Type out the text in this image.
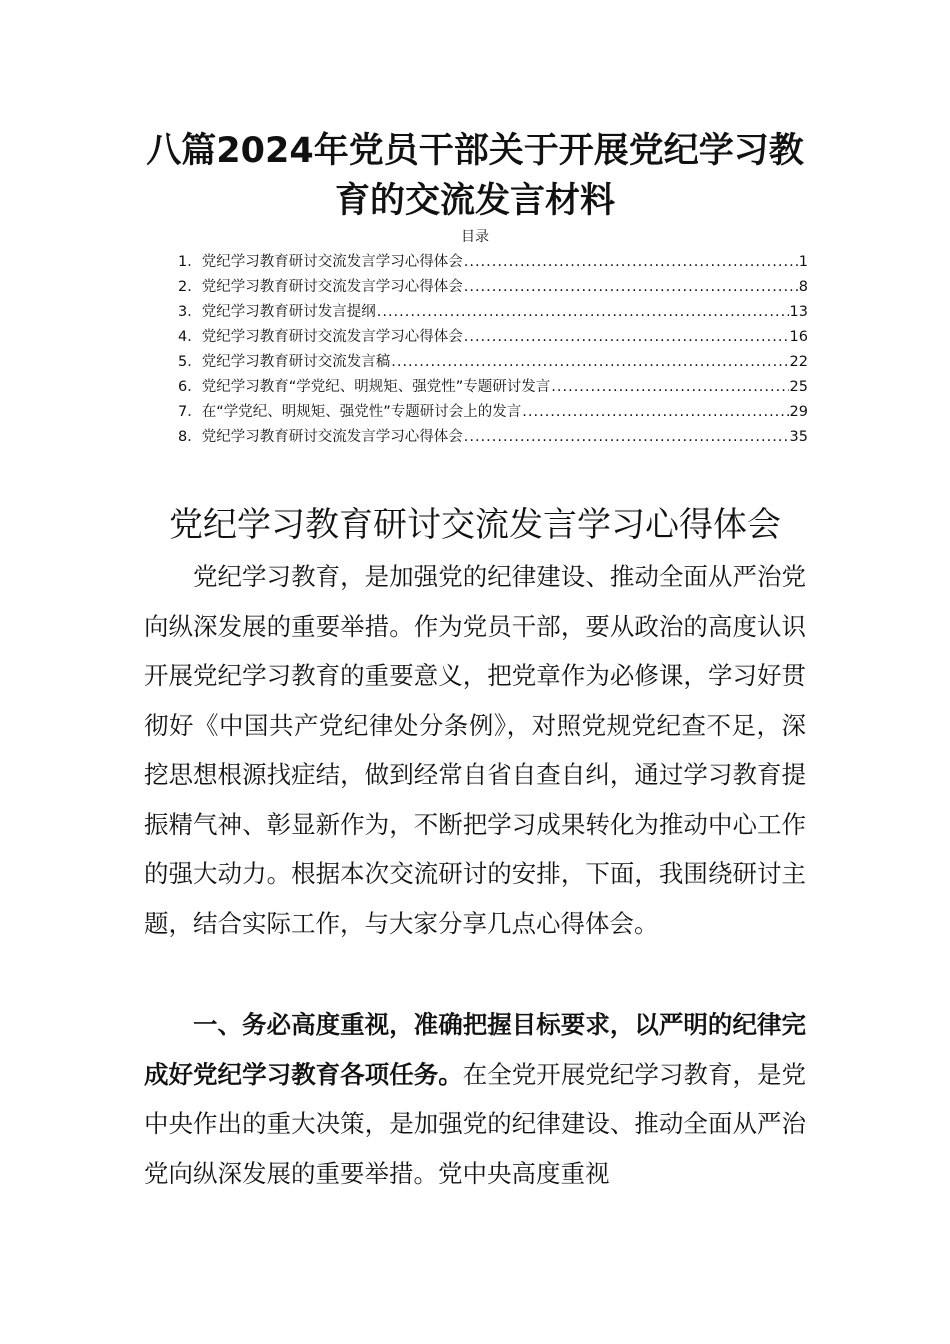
八篇2024年党员干部关于开展党纪学习教育的交流发言材料
目录
1． 党纪学习教育研讨交流发言学习心得体会 .....	1
2． 党纪学习教育研讨交流发言学习心得体会 .....	8
3． 党纪学习教育研讨发言提纲 .....	13
4． 党纪学习教育研讨交流发言学习心得体会 .....	16
5． 党纪学习教育研讨交流发言稿 .....	22
6． 党纪学习教育“学党纪、明规矩、强党性”专题研讨发言 .....	25
7． 在“学党纪、明规矩、强党性”专题研讨会上的发言 .....	29
8． 党纪学习教育研讨交流发言学习心得体会 .....	35
党纪学习教育研讨交流发言学习心得体会

党纪学习教育，是加强党的纪律建设、推动全面从严治党向纵深发展的重要举措。作为党员干部，要从政治的高度认识开展党纪学习教育的重要意义，把党章作为必修课，学习好贯彻好《中国共产党纪律处分条例》，对照党规党纪查不足，深挖思想根源找症结，做到经常自省自查自纠，通过学习教育提振精气神、彰显新作为，不断把学习成果转化为推动中心工作的强大动力。根据本次交流研讨的安排，下面，我围绕研讨主题，结合实际工作，与大家分享几点心得体会。

一、务必高度重视，准确把握目标要求，以严明的纪律完成好党纪学习教育各项任务。在全党开展党纪学习教育，是党中央作出的重大决策，是加强党的纪律建设、推动全面从严治党向纵深发展的重要举措。党中央高度重视
